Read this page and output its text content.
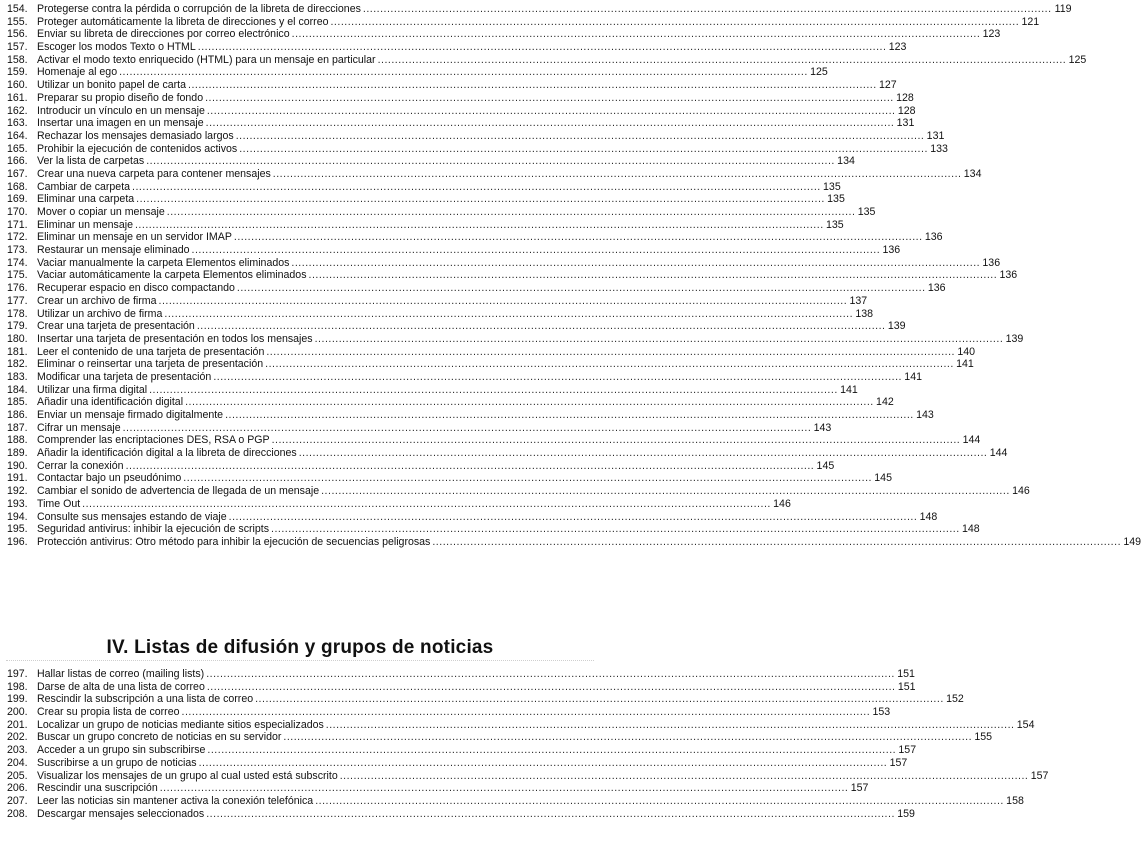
154. Protegerse contra la pérdida o corrupción de la libreta de direcciones ........................................................................................................................................................................................................ 119
155. Proteger automáticamente la libreta de direcciones y el correo ........................................................................................................................................................................................................ 121
156. Enviar su libreta de direcciones por correo electrónico ........................................................................................................................................................................................................ 123
157. Escoger los modos Texto o HTML ........................................................................................................................................................................................................ 123
158. Activar el modo texto enriquecido (HTML) para un mensaje en particular ........................................................................................................................................................................................................ 125
159. Homenaje al ego ........................................................................................................................................................................................................ 125
160. Utilizar un bonito papel de carta ........................................................................................................................................................................................................ 127
161. Preparar su propio diseño de fondo ........................................................................................................................................................................................................ 128
162. Introducir un vínculo en un mensaje ........................................................................................................................................................................................................ 128
163. Insertar una imagen en un mensaje ........................................................................................................................................................................................................ 131
164. Rechazar los mensajes demasiado largos ........................................................................................................................................................................................................ 131
165. Prohibir la ejecución de contenidos activos ........................................................................................................................................................................................................ 133
166. Ver la lista de carpetas ........................................................................................................................................................................................................ 134
167. Crear una nueva carpeta para contener mensajes ........................................................................................................................................................................................................ 134
168. Cambiar de carpeta ........................................................................................................................................................................................................ 135
169. Eliminar una carpeta ........................................................................................................................................................................................................ 135
170. Mover o copiar un mensaje ........................................................................................................................................................................................................ 135
171. Eliminar un mensaje ........................................................................................................................................................................................................ 135
172. Eliminar un mensaje en un servidor IMAP ........................................................................................................................................................................................................ 136
173. Restaurar un mensaje eliminado ........................................................................................................................................................................................................ 136
174. Vaciar manualmente la carpeta Elementos eliminados ........................................................................................................................................................................................................ 136
175. Vaciar automáticamente la carpeta Elementos eliminados ........................................................................................................................................................................................................ 136
176. Recuperar espacio en disco compactando ........................................................................................................................................................................................................ 136
177. Crear un archivo de firma ........................................................................................................................................................................................................ 137
178. Utilizar un archivo de firma ........................................................................................................................................................................................................ 138
179. Crear una tarjeta de presentación ........................................................................................................................................................................................................ 139
180. Insertar una tarjeta de presentación en todos los mensajes ........................................................................................................................................................................................................ 139
181. Leer el contenido de una tarjeta de presentación ........................................................................................................................................................................................................ 140
182. Eliminar o reinsertar una tarjeta de presentación ........................................................................................................................................................................................................ 141
183. Modificar una tarjeta de presentación ........................................................................................................................................................................................................ 141
184. Utilizar una firma digital ........................................................................................................................................................................................................ 141
185. Añadir una identificación digital ........................................................................................................................................................................................................ 142
186. Enviar un mensaje firmado digitalmente ........................................................................................................................................................................................................ 143
187. Cifrar un mensaje ........................................................................................................................................................................................................ 143
188. Comprender las encriptaciones DES, RSA o PGP ........................................................................................................................................................................................................ 144
189. Añadir la identificación digital a la libreta de direcciones ........................................................................................................................................................................................................ 144
190. Cerrar la conexión ........................................................................................................................................................................................................ 145
191. Contactar bajo un pseudónimo ........................................................................................................................................................................................................ 145
192. Cambiar el sonido de advertencia de llegada de un mensaje ........................................................................................................................................................................................................ 146
193. Time Out ........................................................................................................................................................................................................ 146
194. Consulte sus mensajes estando de viaje ........................................................................................................................................................................................................ 148
195. Seguridad antivirus: inhibir la ejecución de scripts ........................................................................................................................................................................................................ 148
196. Protección antivirus: Otro método para inhibir la ejecución de secuencias peligrosas ........................................................................................................................................................................................................ 149
IV. Listas de difusión y grupos de noticias
197. Hallar listas de correo (mailing lists) ........................................................................................................................................................................................................ 151
198. Darse de alta de una lista de correo ........................................................................................................................................................................................................ 151
199. Rescindir la subscripción a una lista de correo ........................................................................................................................................................................................................ 152
200. Crear su propia lista de correo ........................................................................................................................................................................................................ 153
201. Localizar un grupo de noticias mediante sitios especializados ........................................................................................................................................................................................................ 154
202. Buscar un grupo concreto de noticias en su servidor ........................................................................................................................................................................................................ 155
203. Acceder a un grupo sin subscribirse ........................................................................................................................................................................................................ 157
204. Suscribirse a un grupo de noticias ........................................................................................................................................................................................................ 157
205. Visualizar los mensajes de un grupo al cual usted está subscrito ........................................................................................................................................................................................................ 157
206. Rescindir una suscripción ........................................................................................................................................................................................................ 157
207. Leer las noticias sin mantener activa la conexión telefónica ........................................................................................................................................................................................................ 158
208. Descargar mensajes seleccionados ........................................................................................................................................................................................................ 159
